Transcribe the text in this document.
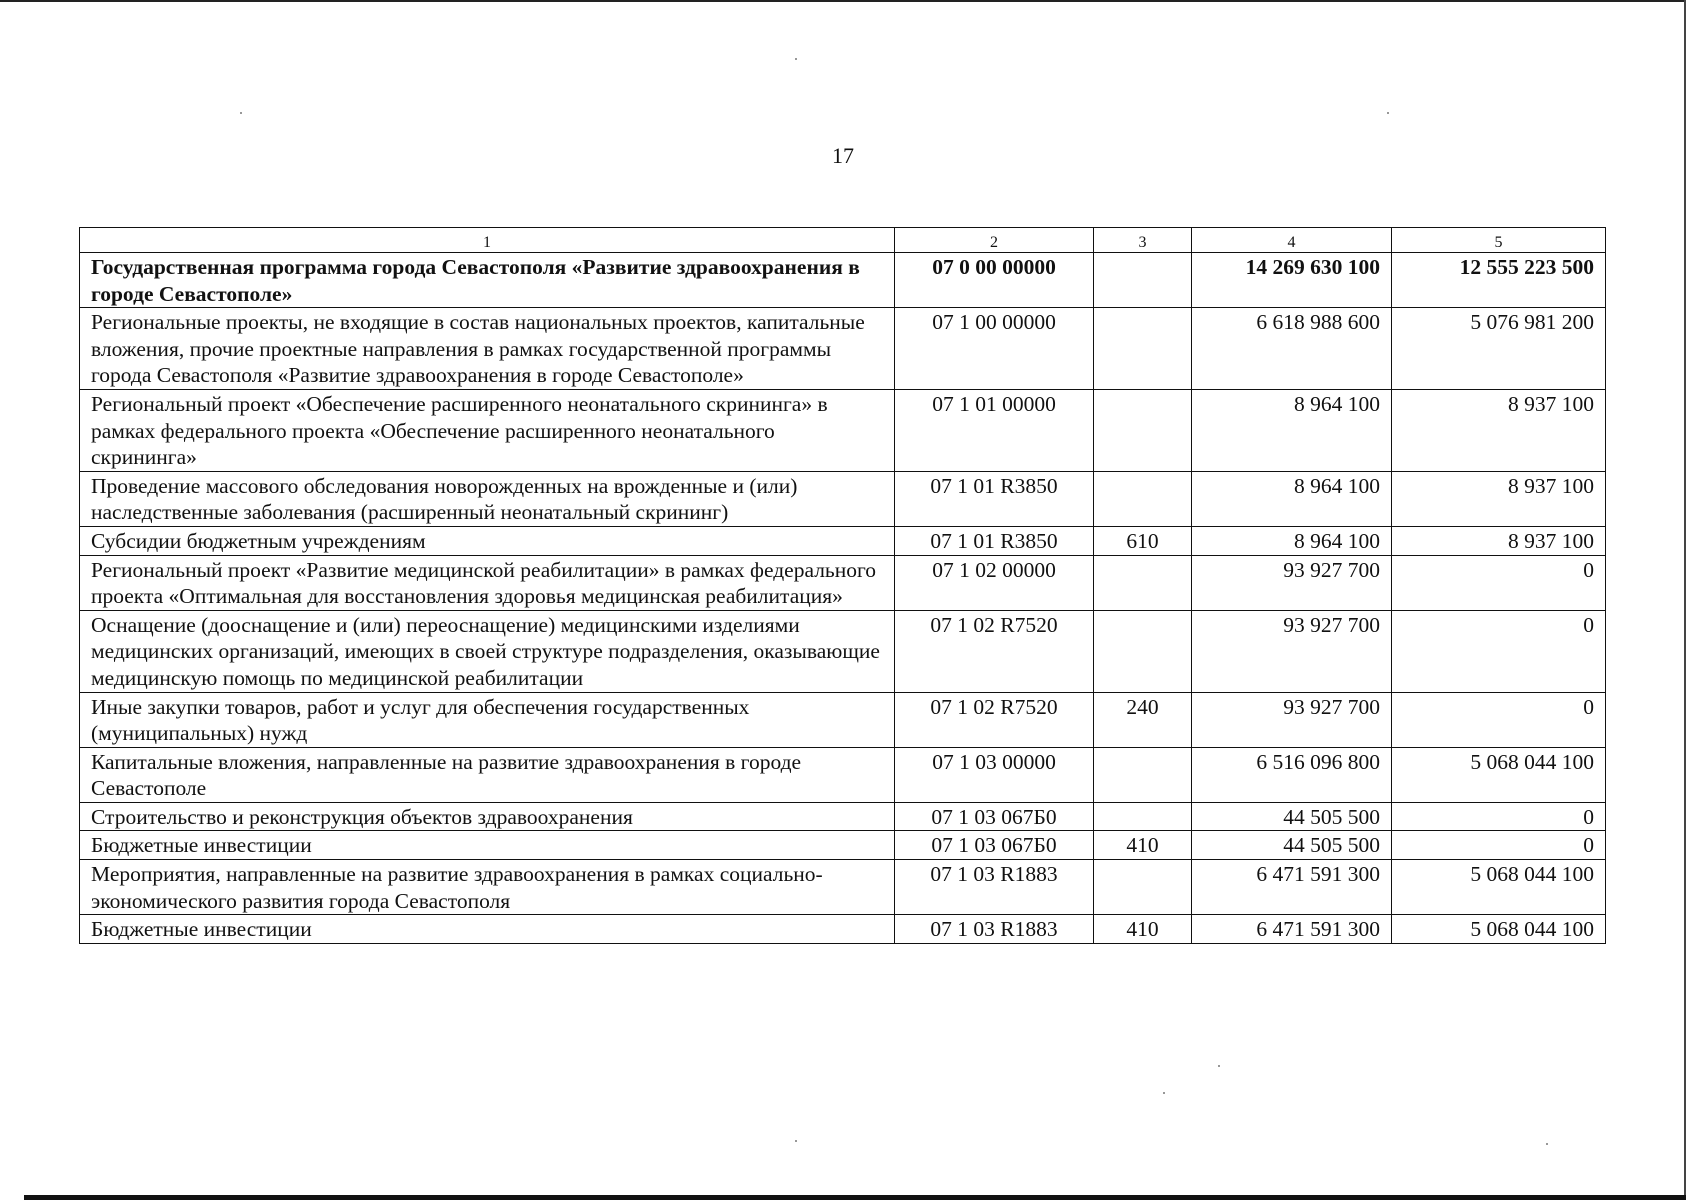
17
1	2	3	4	5
Государственная программа города Севастополя «Развитие здравоохранения в городе Севастополе»	07 0 00 00000		14 269 630 100	12 555 223 500
Региональные проекты, не входящие в состав национальных проектов, капитальные вложения, прочие проектные направления в рамках государственной программы города Севастополя «Развитие здравоохранения в городе Севастополе»	07 1 00 00000		6 618 988 600	5 076 981 200
Региональный проект «Обеспечение расширенного неонатального скрининга» в рамках федерального проекта «Обеспечение расширенного неонатального скрининга»	07 1 01 00000		8 964 100	8 937 100
Проведение массового обследования новорожденных на врожденные и (или) наследственные заболевания (расширенный неонатальный скрининг)	07 1 01 R3850		8 964 100	8 937 100
Субсидии бюджетным учреждениям	07 1 01 R3850	610	8 964 100	8 937 100
Региональный проект «Развитие медицинской реабилитации» в рамках федерального проекта «Оптимальная для восстановления здоровья медицинская реабилитация»	07 1 02 00000		93 927 700	0
Оснащение (дооснащение и (или) переоснащение) медицинскими изделиями медицинских организаций, имеющих в своей структуре подразделения, оказывающие медицинскую помощь по медицинской реабилитации	07 1 02 R7520		93 927 700	0
Иные закупки товаров, работ и услуг для обеспечения государственных (муниципальных) нужд	07 1 02 R7520	240	93 927 700	0
Капитальные вложения, направленные на развитие здравоохранения в городе Севастополе	07 1 03 00000		6 516 096 800	5 068 044 100
Строительство и реконструкция объектов здравоохранения	07 1 03 067Б0		44 505 500	0
Бюджетные инвестиции	07 1 03 067Б0	410	44 505 500	0
Мероприятия, направленные на развитие здравоохранения в рамках социально-экономического развития города Севастополя	07 1 03 R1883		6 471 591 300	5 068 044 100
Бюджетные инвестиции	07 1 03 R1883	410	6 471 591 300	5 068 044 100
